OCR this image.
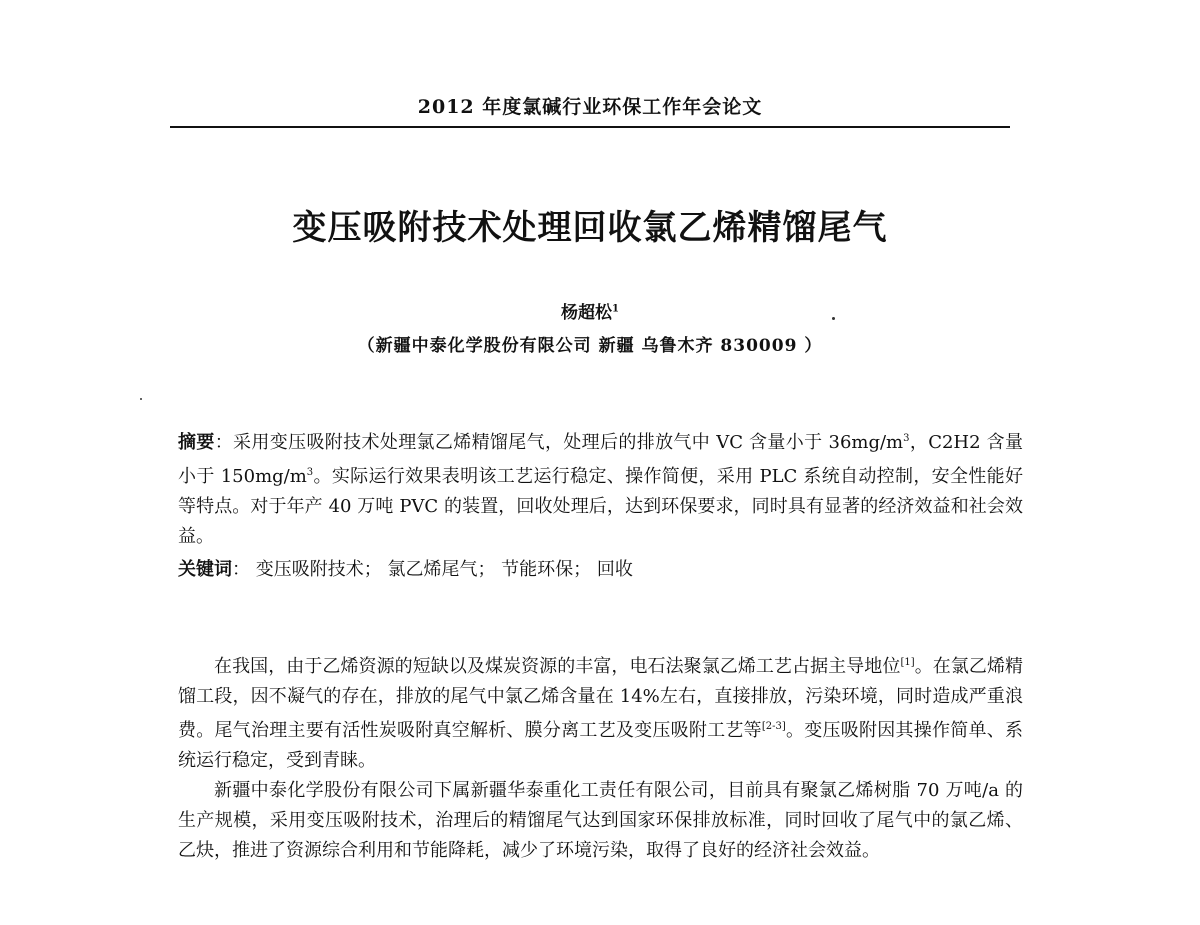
2012 年度氯碱行业环保工作年会论文
变压吸附技术处理回收氯乙烯精馏尾气
杨超松$^1$
（新疆中泰化学股份有限公司 新疆 乌鲁木齐 830009 ）
摘要：采用变压吸附技术处理氯乙烯精馏尾气，处理后的排放气中 VC 含量小于 $36mg/m^3$，C2H2 含量小于 $150mg/m^3$。实际运行效果表明该工艺运行稳定、操作简便，采用 PLC 系统自动控制，安全性能好等特点。对于年产 40 万吨 PVC 的装置，回收处理后，达到环保要求，同时具有显著的经济效益和社会效益。
关键词： 变压吸附技术； 氯乙烯尾气； 节能环保； 回收

在我国，由于乙烯资源的短缺以及煤炭资源的丰富，电石法聚氯乙烯工艺占据主导地位[1]。在氯乙烯精馏工段，因不凝气的存在，排放的尾气中氯乙烯含量在 14%左右，直接排放，污染环境，同时造成严重浪费。尾气治理主要有活性炭吸附真空解析、膜分离工艺及变压吸附工艺等[2-3]。变压吸附因其操作简单、系统运行稳定，受到青睐。

新疆中泰化学股份有限公司下属新疆华泰重化工责任有限公司，目前具有聚氯乙烯树脂 70 万吨/a 的生产规模，采用变压吸附技术，治理后的精馏尾气达到国家环保排放标准，同时回收了尾气中的氯乙烯、乙炔，推进了资源综合利用和节能降耗，减少了环境污染，取得了良好的经济社会效益。
